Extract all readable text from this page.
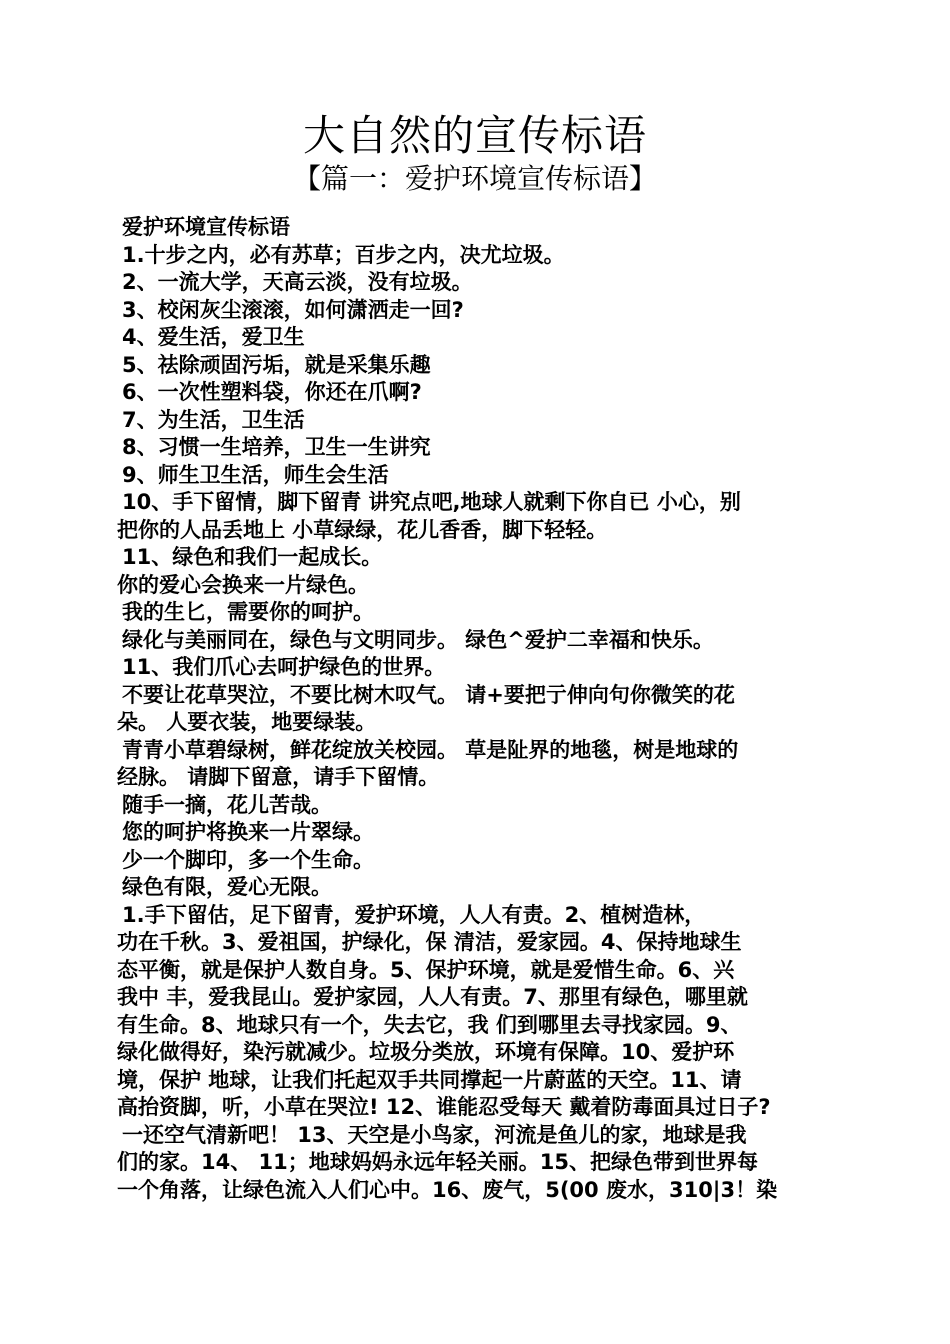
大自然的宣传标语
【篇一：爱护环境宣传标语】
爱护环境宣传标语
1.十步之内，必有苏草；百步之内，决尤垃圾。
2、一流大学，天高云淡，没有垃圾。
3、校闲灰尘滚滚，如何潇洒走一回?
4、爱生活，爱卫生
5、祛除顽固污垢，就是采集乐趣
6、一次性塑料袋，你还在爪啊?
7、为生活，卫生活
8、习惯一生培养，卫生一生讲究
9、师生卫生活，师生会生活
10、手下留情，脚下留青 讲究点吧,地球人就剩下你自已 小心，别
把你的人品丢地上 小草绿绿，花儿香香，脚下轻轻。
11、绿色和我们一起成长。
你的爱心会换来一片绿色。
我的生匕，需要你的呵护。
绿化与美丽同在，绿色与文明同步。 绿色^爱护二幸福和快乐。
11、我们爪心去呵护绿色的世界。
不要让花草哭泣，不要比树木叹气。 请+要把亍伸向句你微笑的花
朵。 人要衣装，地要绿装。
青青小草碧绿树，鲜花绽放关校园。 草是阯界的地毯，树是地球的
经脉。 请脚下留意，请手下留情。
随手一摘，花儿苦哉。
您的呵护将换来一片翠绿。
少一个脚印，多一个生命。
绿色有限，爱心无限。
1.手下留估，足下留青，爱护环境，人人有责。2、植树造林，
功在千秋。3、爱祖国，护绿化，保 清洁，爱家园。4、保持地球生
态平衡，就是保护人数自身。5、保护环境，就是爱惜生命。6、兴
我中 丰，爱我昆山。爱护家园，人人有责。7、那里有绿色，哪里就
有生命。8、地球只有一个，失去它，我 们到哪里去寻找家园。9、
绿化做得好，染污就减少。垃圾分类放，环境有保障。10、爱护环
境，保护 地球，让我们托起双手共同撑起一片蔚蓝的天空。11、请
高抬资脚，听，小草在哭泣! 12、谁能忍受每天 戴着防毒面具过日子?
一还空气清新吧！ 13、天空是小鸟家，河流是鱼儿的家，地球是我
们的家。14、 11；地球妈妈永远年轻关丽。15、把绿色带到世界每
一个角落，让绿色流入人们心中。16、废气，5(00 废水，310|3！染
